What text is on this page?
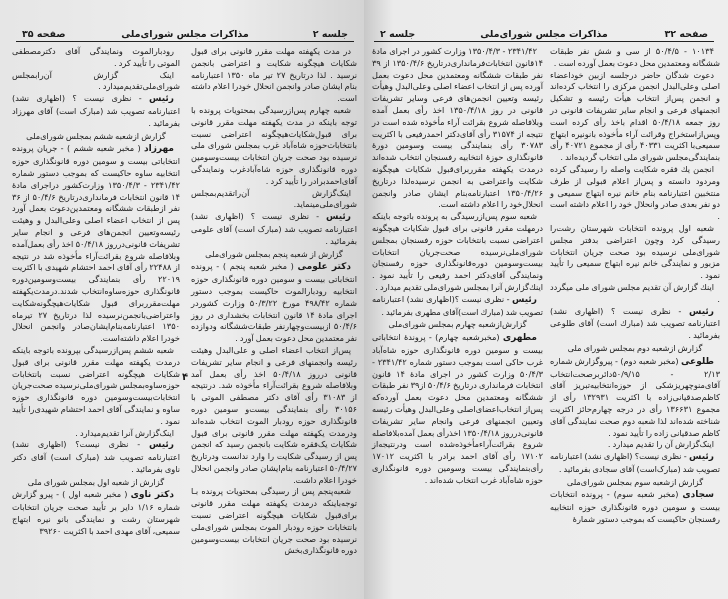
صفحه ۳۵	مذاکرات مجلس شورای‌ملی	جلسه ۲

در مدت یکهفته مهلت مقرر قانونی برای قبول شکایات هیچگونه شکایت و اعتراضی بانجمن نرسید . لذا درتاریخ ۲۷ تیر ماه ۱۳۵۰ اعتبارنامه بنام ایشان صادر وانجمن انحلال خودرا اعلام داشته است.

شعبه چهارم پس‌ازرسیدگی بمحتویات پرونده با توجه باینکه در مدت یکهفته مهلت مقرر قانونی برای قبول‌شکایات‌هیچگونه اعتراضی نسبت بانتخابات‌حوزه شاه‌آباد غرب بمجلس شورای ملی نرسیده بود صحت جریان انتخابات بیست‌وسومین دوره قانونگذاری حوزه شاه‌آبادغرب ونمایندگی آقای‌احمدبرادر را تأیید کرد .

اینک‌گزارش آن‌راتقدیم‌بمجلس شورای‌ملی‌مینماید.

رئیس - نظری نیست ؟ (اظهاری نشد) اعتبارنامه تصویب شد (مبارک است) آقای علومی بفرمائید .

گزارش از شعبه پنجم بمجلس شورای‌ملی

دکتر علومی ( مخبر شعبه پنجم ) - پرونده انتخاباتی بیست و سومین دوره قانونگذاری حوزه انتخابیه رودبارالموت حاکیست بموجب دستور شماره ۴۹۸/۴۲ مورخ ۵۰/۳/۲۲ وزارت کشوردر اجرای مادهٔ ۱۴ قانون انتخابات بخشداری در روز ۵۰/۴/۶ ازبیست‌وچهارنفر طبقات‌ششگانه ودوازده نفر معتمدین محل دعوت بعمل آورد .

پس‌از انتخاب اعضاء اصلی و علی‌البدل وهیئت رئیسه وانجمنهای فرعی و انجام سایر تشریفات قانونی درروز ۵۰/۴/۱۸ اخذ رأی بعمل آمد وبلافاصله شروع بقرائت‌آراء مأخوذه شد. درنتیجه از ۳۱۰۸۳ رأی آقای دکتر مصطفی الموتی با ۳۰۱۵۶ رأی بنمایندگی بیست‌و سومین دوره قانونگذاری حوزه رودبار الموت انتخاب شده‌اند ودرمدت یکهفته مهلت مقرر قانونی برای قبول شکایات یک‌فقره شکایت بانجمن رسید که انجمن پس از رسیدگی شکایت را وارد ندانست ودرتاریخ ۵۰/۴/۲۷ اعتبارنامه بنام‌ایشان صادر وانجمن انحلال خودرا اعلام داشت.

شعبه‌پنجم پس از رسیدگی بمحتویات پرونده بـا توجه‌باینکه درمدت یکهفته مهلت مقرر قانونی برای‌قبول شکایات هیچگونه اعتراضی نسبت بانتخابات حوزه رودبار الموت بمجلس شورای‌ملی نرسیده بود صحت جریان انتخابات بیست‌وسومین دوره قانونگذاری‌بخش

رودبارالموت ونمایندگی آقای دکترمصطفی الموتی را تأیید کرد .

اینک گزارش آن‌رابمجلس شورای‌ملی‌تقدیم‌میدارد .

رئیس - نظری نیست ؟ (اظهاری نشد) اعتبارنامه تصویب شد (مبارک است) آقای مهرزاد بفرمائید .

گزارش ازشعبه ششم بمجلس شورای‌ملی

مهرزاد ( مخبر شعبه ششم ) - جریان پرونده انتخاباتی بیست و سومین دوره قانونگذاری حوزه انتخابیه ساوه حاکیست که بموجب دستور شماره ۲۳۴۱/۴۲ - ۱۳۵۰/۴/۳ وزارت‌کشور دراجرای مادهٔ ۱۴ قانون انتخابات فرمانداری‌درتاریخ ۵۰/۴/۶ از ۳۶ نفر ازطبقات ششگانه ومعتمدین‌دعوت بعمل آورد پس از انتخاب اعضاء اصلی وعلی‌البدل و وهیئت رئیسه‌وتعیین انجمن‌های فرعی و انجام سایر تشریفات قانونی‌درروز ۵۰/۴/۱۸ اخذ رأی بعمل‌آمده وبلافاصله شروع بقرائت‌آراء مأخوذه شد در نتیجه از ۲۲۴۸۸ رأی آقای احمد احتشام شهیدی با اکثریت ۲۲۰۱۹ رأی بنمایندگی بیست‌وسومین‌دوره قانونگذاری حوزه‌ساوه‌انتخاب شدند.درمدت‌یکهفته مهلت‌مقرربرای قبول شکایات‌هیچگونه‌شکایت واعتراضی‌بانجمن‌نرسیده لذا درتاریخ ۲۷ تیرماه ۱۳۵۰ اعتبارنامه‌بنام‌ایشان‌صادر وانجمن انحلال خودرا اعلام داشته‌است.

شعبه ششم پس‌ازرسیدگی بپرونده باتوجه باینکه درمدت یکهفته مهلت مقرر قانونی برای قبول شکایات هیچگونه اعتراضی نسبت بانتخابات حوزه‌ساوه‌بمجلس شورای‌ملی‌نرسیده صحت‌جریان انتخابات‌بیست‌وسومین دوره قانونگذاری حوزه ساوه و نمایندگی آقای احمد احتشام شهیدی‌را تأیید نمود .

اینک‌گزارش آنرا تقدیم‌میدارد .

رئیس - نظری نیست؟ (اظهاری نشد) اعتبارنامه تصویب شد (مبارک است) آقای دکتر ناوی بفرمائید .

گزارش از شعبه اول بمجلس شورای ملی

دکتر ناوی ( مخبر شعبه اول ) - پیرو گزارش شماره ۱/۱۶ دایر بر تأیید صحت جریان انتخابات شهرستان رشت و نمایندگی بانو نیره ابتهاج سمیعی، آقای مهدی احمد با اکثریت ۳۹۲۶۰

۴
صفحه ۳۲
مذاکرات مجلس شورای‌ملی
جلسه ۲

۱۰۱۳۴ - ۵۰/۴/۵ از سی و شش نفر طبقات ششگانه ومعتمدین محل دعوت بعمل آورده است .

دعوت شدگان حاضر درجلسه ازبین خوداعضاء اصلی وعلی‌البدل انجمن مرکزی را انتخاب کرده‌اند و انجمن پس‌از انتخاب هیأت رئیسه و تشکیل انجمنهای فرعی و انجام سایر تشریفات قانونی در روز جمعه ۵۰/۴/۱۸ اقدام باخذ رأی کرده است وپس‌ازاستخراج وقرائت آراء مأخوذه بانونیره ابتهاج سمیعی‌با اکثریت ۴۰۳۳۱ رأی از مجموع ۴۰۷۲۱ رأی بنمایندگی‌مجلس شورای ملی انتخاب گردیده‌اند .

انجمن یك فقره شكایت واصله را رسیدگی کرده ومردود دانسته و پس‌از اعلام قبولی از طرف منتخبین اعتبارنامه بنام خانم نیره ابتهاج سمیعی و دو نفر بعدی صادر وانحلال خود را اعلام داشته است .

شعبه اول پرونده انتخابات شهرستان رشت‌را رسیدگی کرد وچون اعتراضی بدفتر مجلس شورای‌ملی نرسیده بود صحت جریان انتخابات مزبور و نمایندگی خانم نیره ابتهاج سمیعی را تأیید نمود .

اینك گزارش آن تقدیم مجلس شورای ملی میگردد .

رئیس - نظری نیست ؟ (اظهاری نشد) اعتبارنامه تصویب شد (مبارك است) آقای طلوعی بفرمائید .

گزارش ازشعبه دوم بمجلس شورای ملی

طلوعی (مخبر شعبه دوم) - پیروگزارش شماره ۲/۱۳ - ۵۰/۹/۱۵دائربرصحت‌انتخاب آقای‌منوچهریزشکی از حوزه‌انتخابیه‌تبریز آقای کاظم‌صدقیانی‌زاده با اکثریت ۱۳۲۹۳۱ رأی از مجموع ۱۳۶۶۳۱ رأی در درجه چهارم‌حائز اکثریت شناخته شده‌اند لذا شعبه دوم صحت نمایندگی آقای کاظم صدقیانی زاده را تأیید نمود .

اینک‌گزارش آن را تقدیم میدارد .

رئیس - نظری نیست؟ (اظهاری نشد) اعتبارنامه تصویب شد (مبارک‌است) آقای سجادی بفرمائید .

گزارش ازشعبه سوم بمجلس شورای‌ملی

سجادی (مخبر شعبه سوم) - پرونده انتخابات بیست و سومین دوره قانونگذاری حوزه انتخابیه رفسنجان حاکیست که بموجب دستور شمارهٔ

۲۳۴۱/۴۲ - ۱۳۵۰/۴/۳ وزارت کشور در اجرای مادهٔ ۱۴قانون انتخابات‌فرمانداری‌درتاریخ ۱۳۵۰/۴/۶ از ۳۹ نفر طبقات ششگانه ومعتمدین محل دعوت بعمل آورده پس از انتخاب اعضاء اصلی وعلی‌البدل وهیأت رئیسه وتعیین انجمن‌های فرعی وسایر تشریفات قانونی در روز ۱۳۵۰/۴/۱۸ اخذ رأی بعمل آمده وبلافاصله شروع بقرائت آراء مأخوذه شده است در نتیجه از ۳۱۵۷۴ رأی آقای‌دکتر احمدرفیعی با اکثریت ۳۰۷۸۳ رأی بنمایندگی بیست وسومین دورهٔ قانونگذاری حوزهٔ انتخابیه رفسنجان انتخاب شده‌اند درمدت یکهفته مقرربرای‌قبول شکایات هیچگونه شکایت واعتراضی به انجمن نرسیده‌لذا درتاریخ ۱۳۵۰/۴/۲۶ اعتبارنامه‌بنام ایشان صادر وانجمن انحلال‌خود را اعلام داشته است.

شعبه سوم پس‌ازرسیدگی به پرونده باتوجه باینکه درمهلت مقرر قانونی برای قبول شکایات هیچگونه اعتراضی نسبت بانتخابات حوزه رفسنجان بمجلس شورای‌ملی‌نرسیده صحت‌جریان انتخابات بیست‌وسومین دوره‌قانونگذاری حوزه رفسنجان ونمایندگی آقای‌دکتر احمد رفیعی را تأیید نمود . اینك‌گزارش آنرا بمجلس شورای‌ملی تقدیم میدارد .

رئیس - نظری نیست ؟(اظهاری نشد) اعتبارنامه تصویب شد (مبارك است)آقای مطهری بفرمائید .

گزارش‌ازشعبه چهارم بمجلس شورای‌ملی

مطهری (مخبرشعبه چهارم) - پروندهٔ انتخاباتی بیست و سومین دوره قانونگذاری حوزه شاه‌آباد غرب حاکی است بموجب دستور شماره ۲۳۴۱/۴۲ - ۵۰/۴/۳ وزارت کشور در اجرای مادهٔ ۱۴ قانون انتخابات فرمانداری درتاریخ ۵۰/۴/۶ از۳۹ نفر طبقات ششگانه ومعتمدین محل دعوت بعمل آورده‌که پس‌از انتخاب‌اعضای‌اصلی وعلی‌البدل وهیأت رئیسه وتعیین انجمنهای فرعی وانجام سایر تشریفات قانونی‌درروز ۱۳۵۰/۴/۱۸ اخذرأی بعمل آمده‌بلافاصله شروع بقرائت‌آراءمأخوذه‌شده است ودرنتیجه‌از ۱۷۱۰۲ رأی آقای احمد برادر با اکثریت ۱۷۰۱۲ رأی‌بنمایندگی بیست وسومین دوره قانونگذاری حوزه شاه‌آباد غرب انتخاب شده‌اند .
